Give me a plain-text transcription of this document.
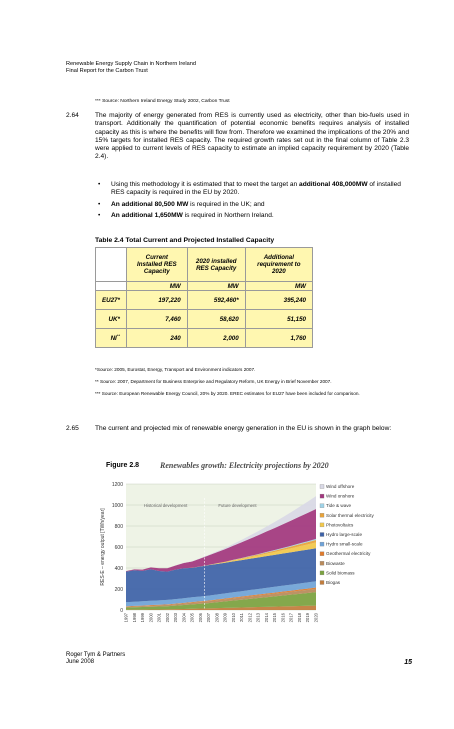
Renewable Energy Supply Chain in Northern Ireland
Final Report for the Carbon Trust
*** Source: Northern Ireland Energy Study 2002, Carbon Trust
2.64 The majority of energy generated from RES is currently used as electricity, other than bio-fuels used in transport. Additionally the quantification of potential economic benefits requires analysis of installed capacity as this is where the benefits will flow from. Therefore we examined the implications of the 20% and 15% targets for installed RES capacity. The required growth rates set out in the final column of Table 2.3 were applied to current levels of RES capacity to estimate an implied capacity requirement by 2020 (Table 2.4).
• Using this methodology it is estimated that to meet the target an additional 408,000MW of installed RES capacity is required in the EU by 2020.
• An additional 80,500 MW is required in the UK; and
• An additional 1,650MW is required in Northern Ireland.
Table 2.4 Total Current and Projected Installed Capacity
	Current Installed RES Capacity	2020 installed RES Capacity	Additional requirement to 2020
	MW	MW	MW
EU27*	197,220	592,460*	395,240
UK*	7,460	58,620	51,150
NI**	240	2,000	1,760
*Source: 2005, Eurostat, Energy, Transport and Environment indicators 2007.
** Source: 2007, Department for Business Enterprise and Regulatory Reform, UK Energy in Brief November 2007.
*** Source: European Renewable Energy Council, 20% by 2020. EREC estimates for EU27 have been included for comparison.
2.65 The current and projected mix of renewable energy generation in the EU is shown in the graph below:
Figure 2.8	Renewables growth: Electricity projections by 2020
0
200
400
600
800
1000
1200
Historical development	Future development
1997 1998 1999 2000 2001 2002 2003 2004 2005 2006 2007 2008 2009 2010 2011 2012 2013 2014 2015 2016 2017 2018 2019 2020
RES-E – energy output [TWh/year]
Wind offshore
Wind onshore
Tide & wave
Solar thermal electricity
Photovoltaics
Hydro large-scale
Hydro small-scale
Geothermal electricity
Biowaste
Solid biomass
Biogas
Roger Tym & Partners
June 2008	15
